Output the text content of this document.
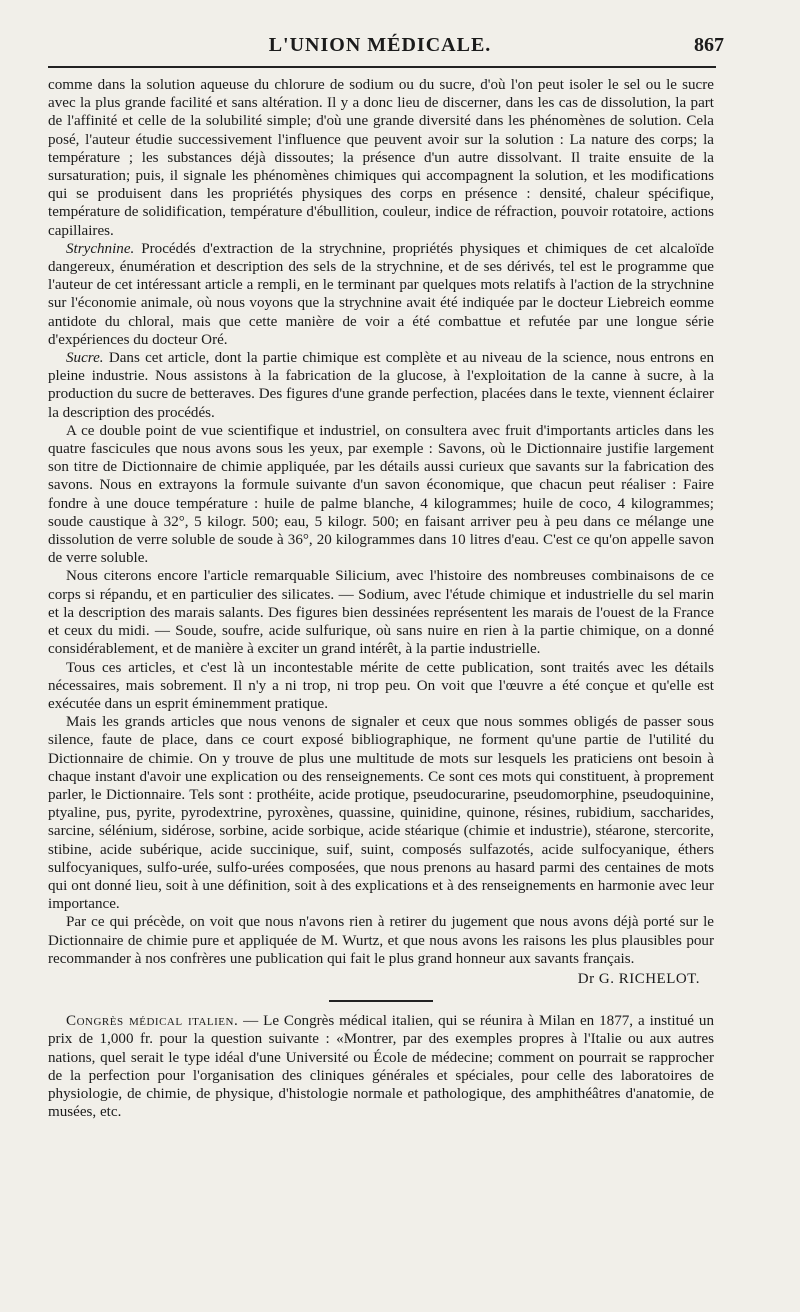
L'UNION MÉDICALE.	867

comme dans la solution aqueuse du chlorure de sodium ou du sucre, d'où l'on peut isoler le sel ou le sucre avec la plus grande facilité et sans altération. Il y a donc lieu de discerner, dans les cas de dissolution, la part de l'affinité et celle de la solubilité simple; d'où une grande diversité dans les phénomènes de solution. Cela posé, l'auteur étudie successivement l'influence que peuvent avoir sur la solution : La nature des corps; la température ; les substances déjà dissoutes; la présence d'un autre dissolvant. Il traite ensuite de la sursaturation; puis, il signale les phénomènes chimiques qui accompagnent la solution, et les modifications qui se produisent dans les propriétés physiques des corps en présence : densité, chaleur spécifique, température de solidification, température d'ébullition, couleur, indice de réfraction, pouvoir rotatoire, actions capillaires.

Strychnine. Procédés d'extraction de la strychnine, propriétés physiques et chimiques de cet alcaloïde dangereux, énumération et description des sels de la strychnine, et de ses dérivés, tel est le programme que l'auteur de cet intéressant article a rempli, en le terminant par quelques mots relatifs à l'action de la strychnine sur l'économie animale, où nous voyons que la strychnine avait été indiquée par le docteur Liebreich eomme antidote du chloral, mais que cette manière de voir a été combattue et refutée par une longue série d'expériences du docteur Oré.

Sucre. Dans cet article, dont la partie chimique est complète et au niveau de la science, nous entrons en pleine industrie. Nous assistons à la fabrication de la glucose, à l'exploitation de la canne à sucre, à la production du sucre de betteraves. Des figures d'une grande perfection, placées dans le texte, viennent éclairer la description des procédés.

A ce double point de vue scientifique et industriel, on consultera avec fruit d'importants articles dans les quatre fascicules que nous avons sous les yeux, par exemple : Savons, où le Dictionnaire justifie largement son titre de Dictionnaire de chimie appliquée, par les détails aussi curieux que savants sur la fabrication des savons. Nous en extrayons la formule suivante d'un savon économique, que chacun peut réaliser : Faire fondre à une douce température : huile de palme blanche, 4 kilogrammes; huile de coco, 4 kilogrammes; soude caustique à 32°, 5 kilogr. 500; eau, 5 kilogr. 500; en faisant arriver peu à peu dans ce mélange une dissolution de verre soluble de soude à 36°, 20 kilogrammes dans 10 litres d'eau. C'est ce qu'on appelle savon de verre soluble.

Nous citerons encore l'article remarquable Silicium, avec l'histoire des nombreuses combinaisons de ce corps si répandu, et en particulier des silicates. — Sodium, avec l'étude chimique et industrielle du sel marin et la description des marais salants. Des figures bien dessinées représentent les marais de l'ouest de la France et ceux du midi. — Soude, soufre, acide sulfurique, où sans nuire en rien à la partie chimique, on a donné considérablement, et de manière à exciter un grand intérêt, à la partie industrielle.

Tous ces articles, et c'est là un incontestable mérite de cette publication, sont traités avec les détails nécessaires, mais sobrement. Il n'y a ni trop, ni trop peu. On voit que l'œuvre a été conçue et qu'elle est exécutée dans un esprit éminemment pratique.

Mais les grands articles que nous venons de signaler et ceux que nous sommes obligés de passer sous silence, faute de place, dans ce court exposé bibliographique, ne forment qu'une partie de l'utilité du Dictionnaire de chimie. On y trouve de plus une multitude de mots sur lesquels les praticiens ont besoin à chaque instant d'avoir une explication ou des renseignements. Ce sont ces mots qui constituent, à proprement parler, le Dictionnaire. Tels sont : prothéite, acide protique, pseudocurarine, pseudomorphine, pseudoquinine, ptyaline, pus, pyrite, pyrodextrine, pyroxènes, quassine, quinidine, quinone, résines, rubidium, saccharides, sarcine, sélénium, sidérose, sorbine, acide sorbique, acide stéarique (chimie et industrie), stéarone, stercorite, stibine, acide subérique, acide succinique, suif, suint, composés sulfazotés, acide sulfocyanique, éthers sulfocyaniques, sulfo-urée, sulfo-urées composées, que nous prenons au hasard parmi des centaines de mots qui ont donné lieu, soit à une définition, soit à des explications et à des renseignements en harmonie avec leur importance.

Par ce qui précède, on voit que nous n'avons rien à retirer du jugement que nous avons déjà porté sur le Dictionnaire de chimie pure et appliquée de M. Wurtz, et que nous avons les raisons les plus plausibles pour recommander à nos confrères une publication qui fait le plus grand honneur aux savants français.

Dr G. RICHELOT.

Congrès médical italien. — Le Congrès médical italien, qui se réunira à Milan en 1877, a institué un prix de 1,000 fr. pour la question suivante : «Montrer, par des exemples propres à l'Italie ou aux autres nations, quel serait le type idéal d'une Université ou École de médecine; comment on pourrait se rapprocher de la perfection pour l'organisation des cliniques générales et spéciales, pour celle des laboratoires de physiologie, de chimie, de physique, d'histologie normale et pathologique, des amphithéâtres d'anatomie, de musées, etc.
